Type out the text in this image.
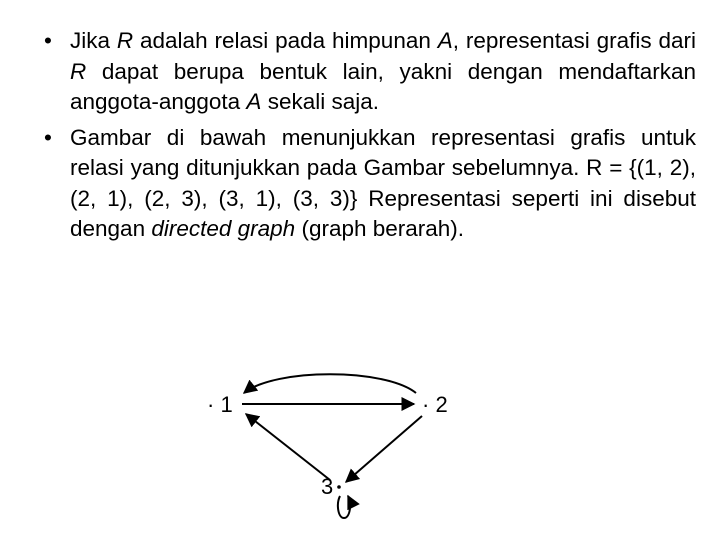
• Jika R adalah relasi pada himpunan A, representasi grafis dari R dapat berupa bentuk lain, yakni dengan mendaftarkan anggota-anggota A sekali saja.
• Gambar di bawah menunjukkan representasi grafis untuk relasi yang ditunjukkan pada Gambar sebelumnya. R = {(1, 2), (2, 1), (2, 3), (3, 1), (3, 3)} Representasi seperti ini disebut dengan directed graph (graph berarah).
· 1	· 2
3
